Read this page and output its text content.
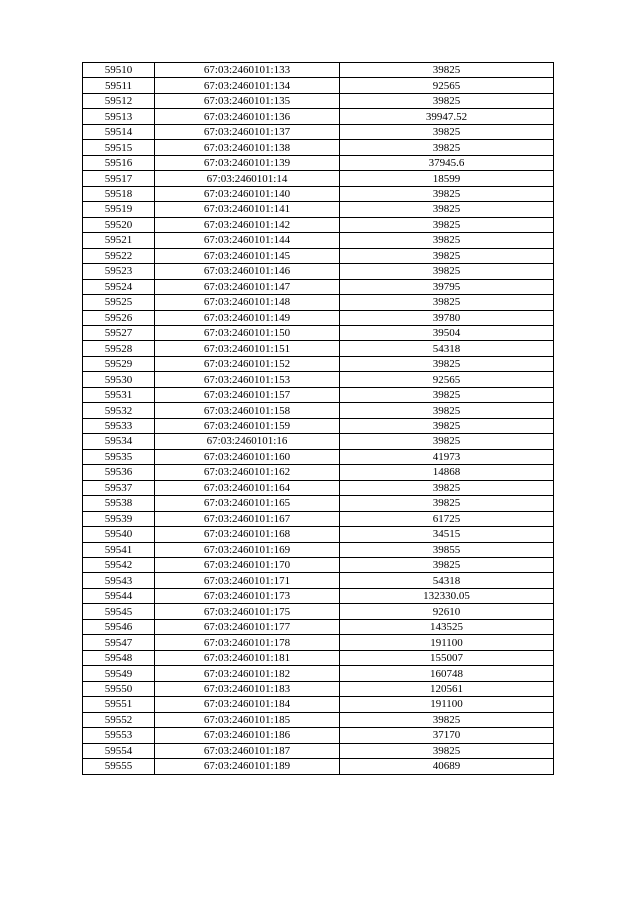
59510	67:03:2460101:133	39825
59511	67:03:2460101:134	92565
59512	67:03:2460101:135	39825
59513	67:03:2460101:136	39947.52
59514	67:03:2460101:137	39825
59515	67:03:2460101:138	39825
59516	67:03:2460101:139	37945.6
59517	67:03:2460101:14	18599
59518	67:03:2460101:140	39825
59519	67:03:2460101:141	39825
59520	67:03:2460101:142	39825
59521	67:03:2460101:144	39825
59522	67:03:2460101:145	39825
59523	67:03:2460101:146	39825
59524	67:03:2460101:147	39795
59525	67:03:2460101:148	39825
59526	67:03:2460101:149	39780
59527	67:03:2460101:150	39504
59528	67:03:2460101:151	54318
59529	67:03:2460101:152	39825
59530	67:03:2460101:153	92565
59531	67:03:2460101:157	39825
59532	67:03:2460101:158	39825
59533	67:03:2460101:159	39825
59534	67:03:2460101:16	39825
59535	67:03:2460101:160	41973
59536	67:03:2460101:162	14868
59537	67:03:2460101:164	39825
59538	67:03:2460101:165	39825
59539	67:03:2460101:167	61725
59540	67:03:2460101:168	34515
59541	67:03:2460101:169	39855
59542	67:03:2460101:170	39825
59543	67:03:2460101:171	54318
59544	67:03:2460101:173	132330.05
59545	67:03:2460101:175	92610
59546	67:03:2460101:177	143525
59547	67:03:2460101:178	191100
59548	67:03:2460101:181	155007
59549	67:03:2460101:182	160748
59550	67:03:2460101:183	120561
59551	67:03:2460101:184	191100
59552	67:03:2460101:185	39825
59553	67:03:2460101:186	37170
59554	67:03:2460101:187	39825
59555	67:03:2460101:189	40689
